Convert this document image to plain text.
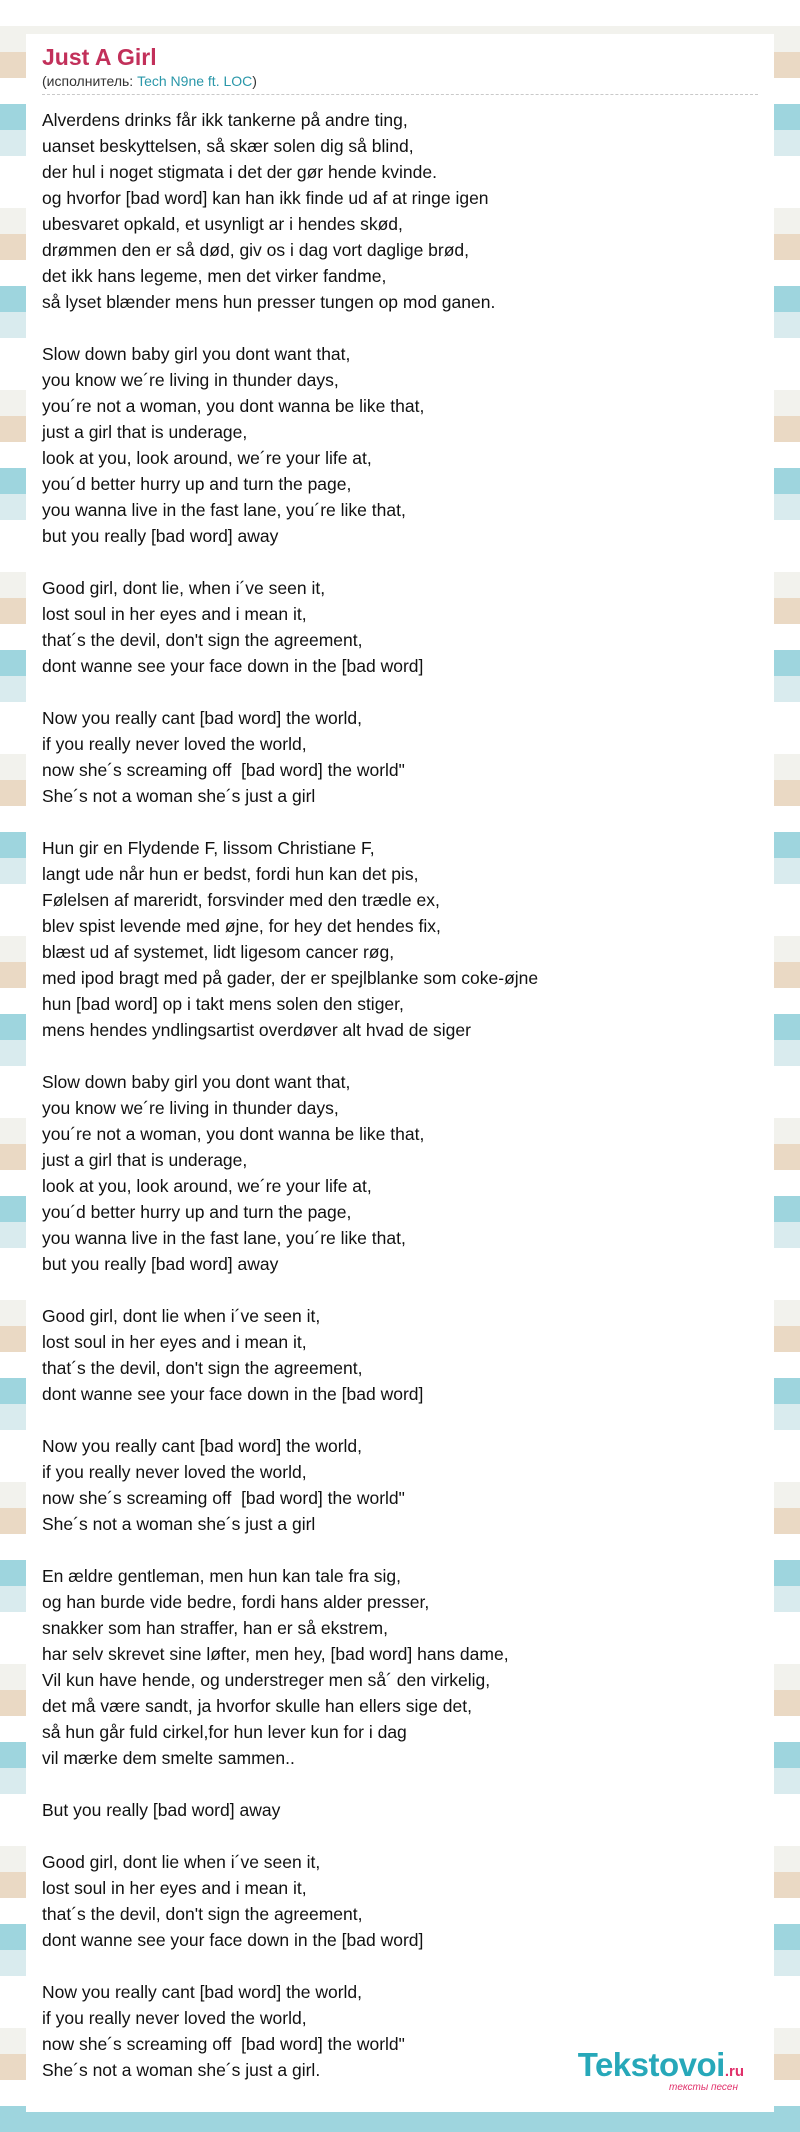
Just A Girl
(исполнитель: Tech N9ne ft. LOC)
Alverdens drinks får ikk tankerne på andre ting,
uanset beskyttelsen, så skær solen dig så blind,
der hul i noget stigmata i det der gør hende kvinde.
og hvorfor [bad word] kan han ikk finde ud af at ringe igen
ubesvaret opkald, et usynligt ar i hendes skød,
drømmen den er så død, giv os i dag vort daglige brød,
det ikk hans legeme, men det virker fandme,
så lyset blænder mens hun presser tungen op mod ganen.
Slow down baby girl you dont want that,
you know we´re living in thunder days,
you´re not a woman, you dont wanna be like that,
just a girl that is underage,
look at you, look around, we´re your life at,
you´d better hurry up and turn the page,
you wanna live in the fast lane, you´re like that,
but you really [bad word] away
Good girl, dont lie, when i´ve seen it,
lost soul in her eyes and i mean it,
that´s the devil, don't sign the agreement,
dont wanne see your face down in the [bad word]
Now you really cant [bad word] the world,
if you really never loved the world,
now she´s screaming off  [bad word] the world"
She´s not a woman she´s just a girl
Hun gir en Flydende F, lissom Christiane F,
langt ude når hun er bedst, fordi hun kan det pis,
Følelsen af mareridt, forsvinder med den trædle ex,
blev spist levende med øjne, for hey det hendes fix,
blæst ud af systemet, lidt ligesom cancer røg,
med ipod bragt med på gader, der er spejlblanke som coke-øjne
hun [bad word] op i takt mens solen den stiger,
mens hendes yndlingsartist overdøver alt hvad de siger
Slow down baby girl you dont want that,
you know we´re living in thunder days,
you´re not a woman, you dont wanna be like that,
just a girl that is underage,
look at you, look around, we´re your life at,
you´d better hurry up and turn the page,
you wanna live in the fast lane, you´re like that,
but you really [bad word] away
Good girl, dont lie when i´ve seen it,
lost soul in her eyes and i mean it,
that´s the devil, don't sign the agreement,
dont wanne see your face down in the [bad word]
Now you really cant [bad word] the world,
if you really never loved the world,
now she´s screaming off  [bad word] the world"
She´s not a woman she´s just a girl
En ældre gentleman, men hun kan tale fra sig,
og han burde vide bedre, fordi hans alder presser,
snakker som han straffer, han er så ekstrem,
har selv skrevet sine løfter, men hey, [bad word] hans dame,
Vil kun have hende, og understreger men så´ den virkelig,
det må være sandt, ja hvorfor skulle han ellers sige det,
så hun går fuld cirkel,for hun lever kun for i dag
vil mærke dem smelte sammen..
But you really [bad word] away
Good girl, dont lie when i´ve seen it,
lost soul in her eyes and i mean it,
that´s the devil, don't sign the agreement,
dont wanne see your face down in the [bad word]
Now you really cant [bad word] the world,
if you really never loved the world,
now she´s screaming off  [bad word] the world"
She´s not a woman she´s just a girl.	Tekstovoi.ru
тексты песен
